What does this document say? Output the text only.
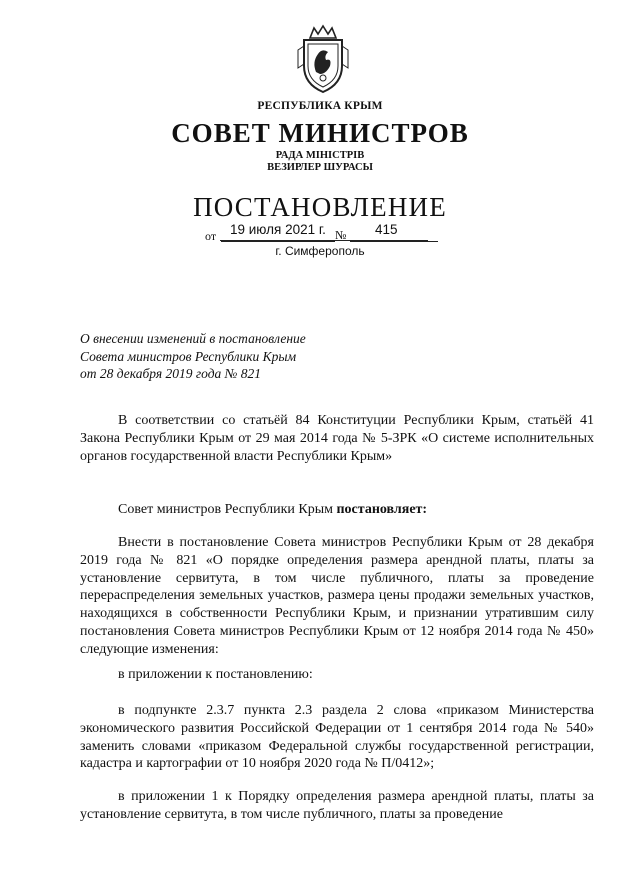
РЕСПУБЛИКА КРЫМ
СОВЕТ МИНИСТРОВ
РАДА МІНІСТРІВ
ВЕЗИРЛЕР ШУРАСЫ
ПОСТАНОВЛЕНИЕ
от 19 июля 2021 г. № 415
г. Симферополь
О внесении изменений в постановление
Совета министров Республики Крым
от 28 декабря 2019 года № 821
В соответствии со статьёй 84 Конституции Республики Крым, статьёй 41 Закона Республики Крым от 29 мая 2014 года № 5-ЗРК «О системе исполнительных органов государственной власти Республики Крым»
Совет министров Республики Крым постановляет:
Внести в постановление Совета министров Республики Крым от 28 декабря 2019 года № 821 «О порядке определения размера арендной платы, платы за установление сервитута, в том числе публичного, платы за проведение перераспределения земельных участков, размера цены продажи земельных участков, находящихся в собственности Республики Крым, и признании утратившим силу постановления Совета министров Республики Крым от 12 ноября 2014 года № 450» следующие изменения:
в приложении к постановлению:
в подпункте 2.3.7 пункта 2.3 раздела 2 слова «приказом Министерства экономического развития Российской Федерации от 1 сентября 2014 года № 540» заменить словами «приказом Федеральной службы государственной регистрации, кадастра и картографии от 10 ноября 2020 года № П/0412»;
в приложении 1 к Порядку определения размера арендной платы, платы за установление сервитута, в том числе публичного, платы за проведение
